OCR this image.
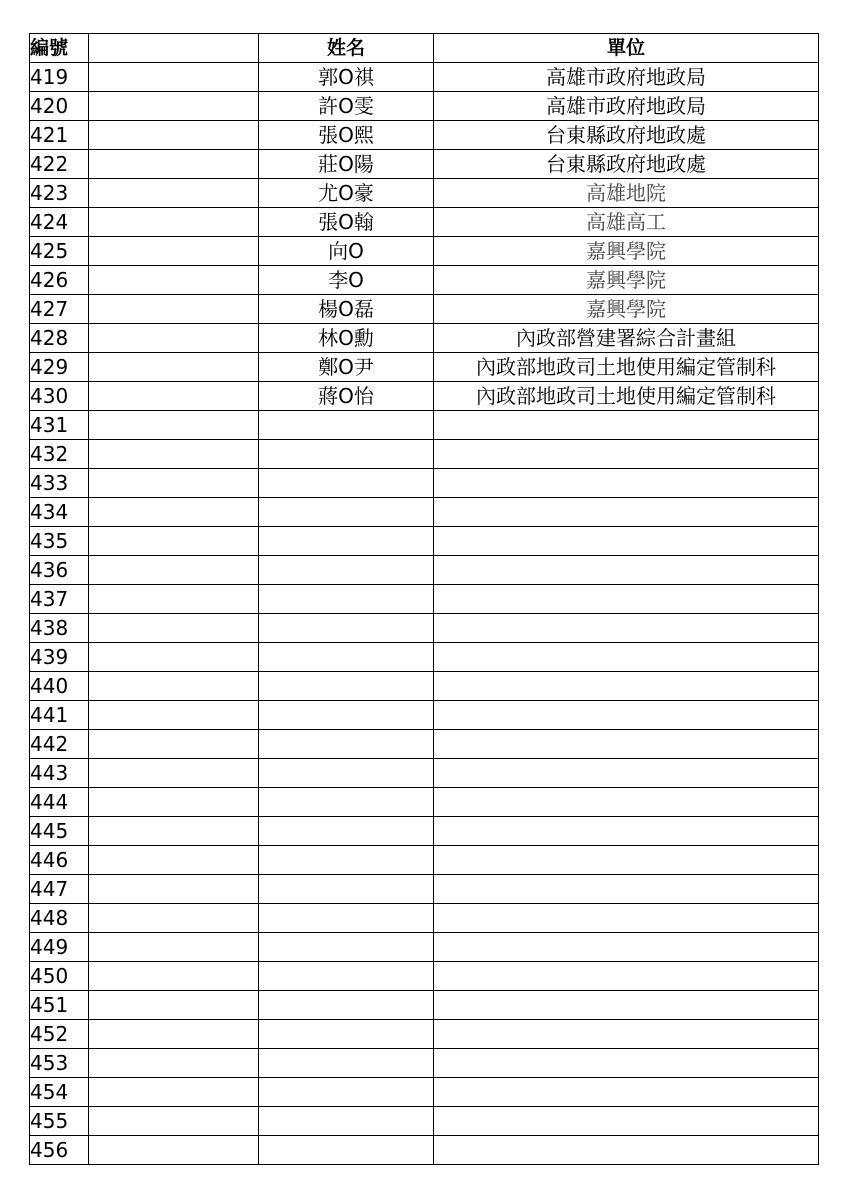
編號		姓名	單位
419		郭O祺	高雄市政府地政局
420		許O雯	高雄市政府地政局
421		張O熙	台東縣政府地政處
422		莊O陽	台東縣政府地政處
423		尤O豪	高雄地院
424		張O翰	高雄高工
425		向O	嘉興學院
426		李O	嘉興學院
427		楊O磊	嘉興學院
428		林O勳	內政部營建署綜合計畫組
429		鄭O尹	內政部地政司土地使用編定管制科
430		蔣O怡	內政部地政司土地使用編定管制科
431			
432			
433			
434			
435			
436			
437			
438			
439			
440			
441			
442			
443			
444			
445			
446			
447			
448			
449			
450			
451			
452			
453			
454			
455			
456			
